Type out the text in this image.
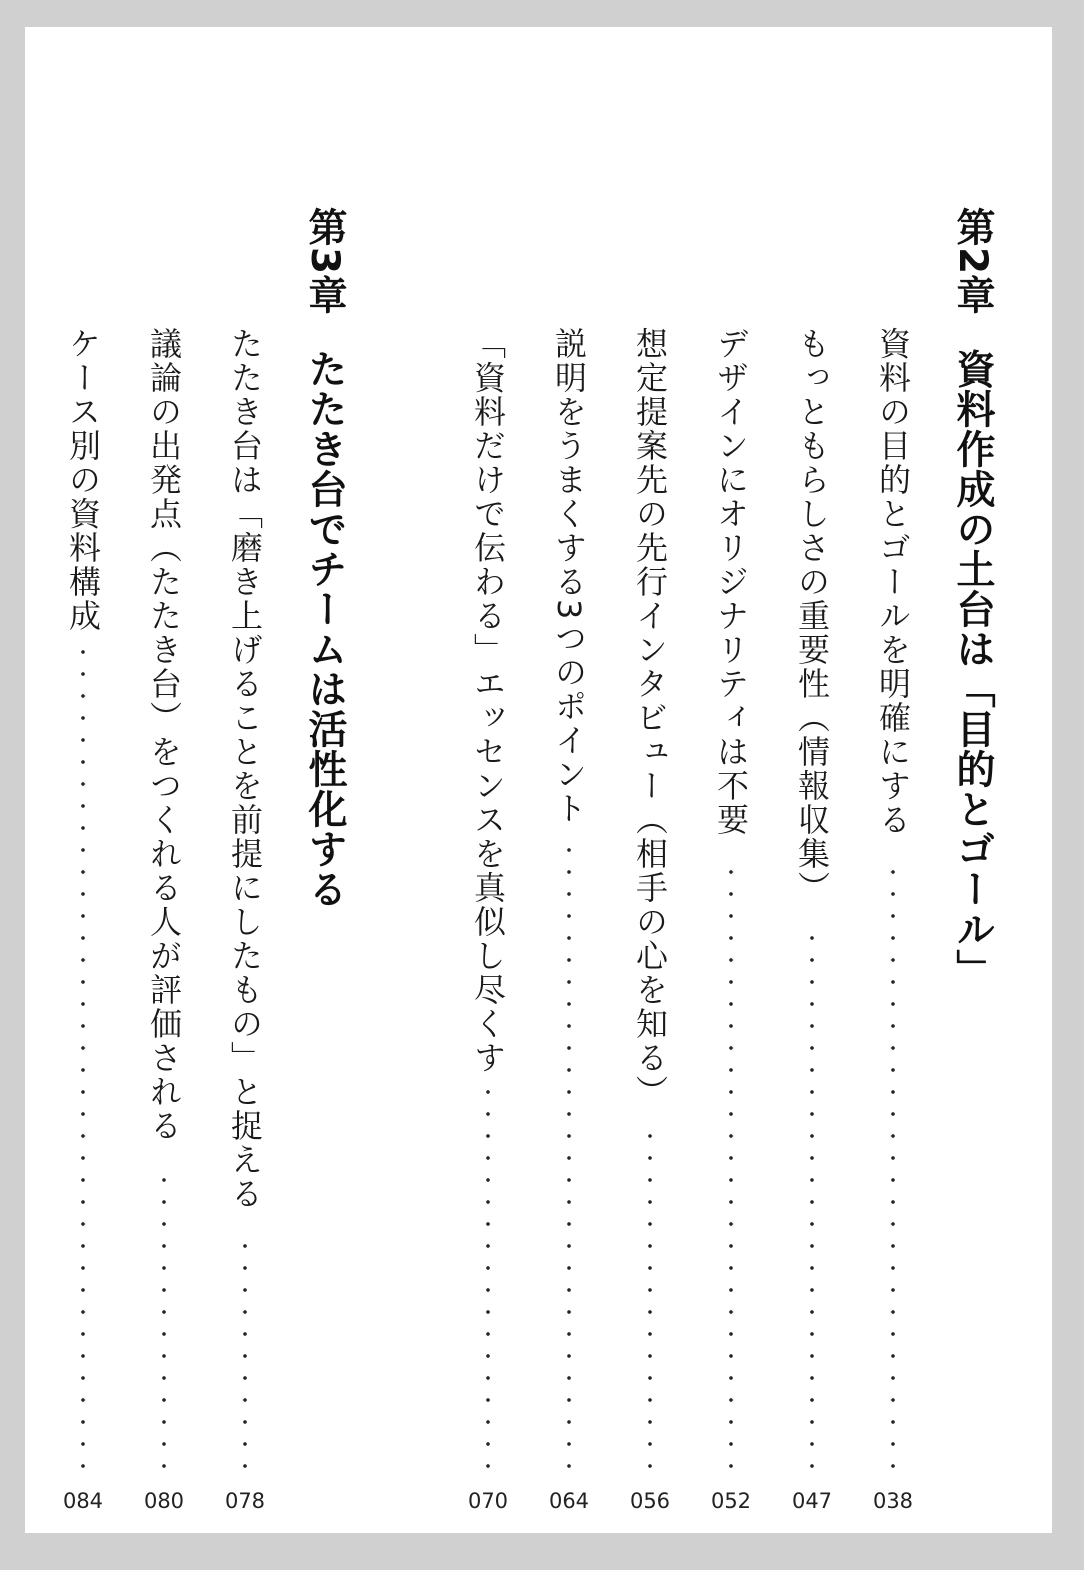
第2章資料作成の土台は「目的とゴール」
資料の目的とゴールを明確にする
もっともらしさの重要性（情報収集）
デザインにオリジナリティは不要
想定提案先の先行インタビュー（相手の心を知る）
説明をうまくする3つのポイント
「資料だけで伝わる」エッセンスを真似し尽くす
第3章たたき台でチームは活性化する
たたき台は「磨き上げることを前提にしたもの」と捉える
議論の出発点（たたき台）をつくれる人が評価される
ケース別の資料構成
038
047
052
056
064
070
078
080
084
